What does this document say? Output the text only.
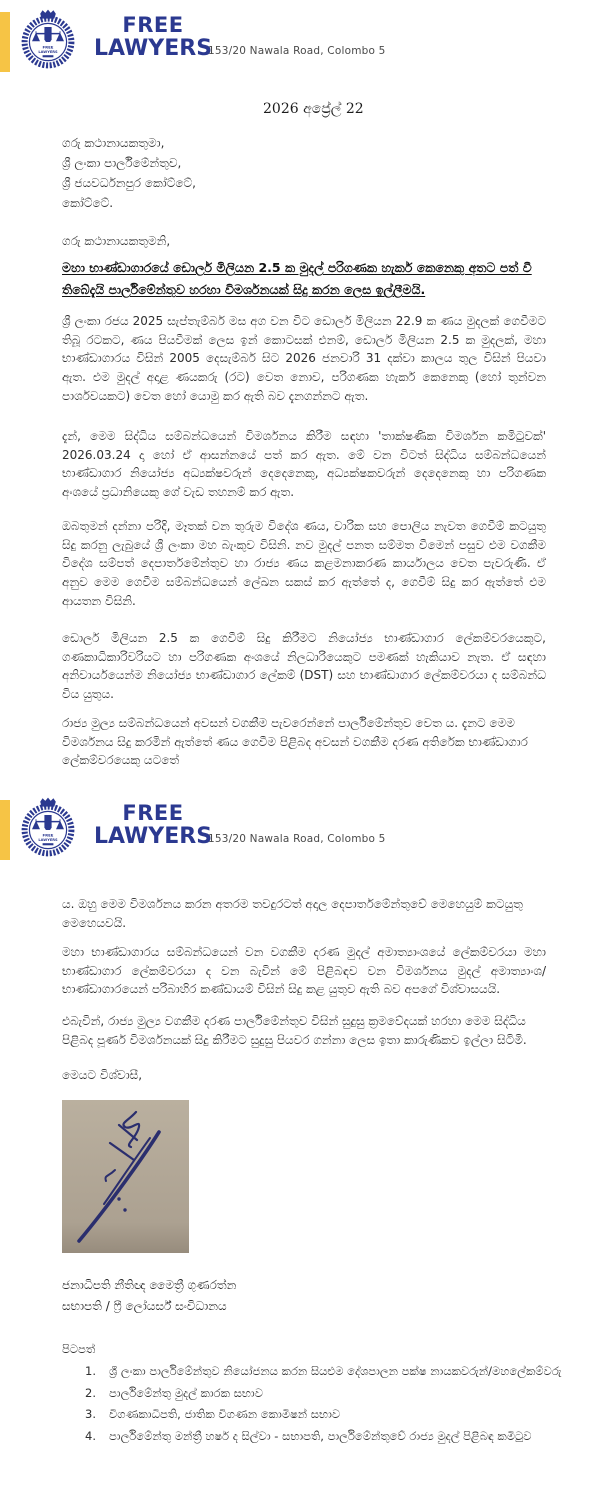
FREE
LAWYERS
FREE
LAWYERS
153/20 Nawala Road, Colombo 5
2026 අප්‍රේල් 22
ගරු කථානායකතුමා,
ශ්‍රී ලංකා පාර්ලිමේන්තුව,
ශ්‍රී ජයවර්ධනපුර කෝට්ටේ,
කෝට්ටේ.
ගරු කථානායකතුමනි,
මහා භාණ්ඩාගාරයේ ඩොලර් මිලියන 2.5 ක මුදල් පරිගණක හැකර් කෙනෙකු අතට පත් වී තිබේදැයි පාර්ලිමේන්තුව හරහා විමර්ශනයක් සිදු කරන ලෙස ඉල්ලීමයි.

ශ්‍රී ලංකා රජය 2025 සැප්තැම්බර් මස අග වන විට ඩොලර් මිලියන 22.9 ක ණය මුදලක් ගෙවීමට තිබූ රටකට, ණය පියවීමක් ලෙස ඉන් කොටසක් එනම්, ඩොලර් මිලියන 2.5 ක මුදලක්, මහා භාණ්ඩාගාරය විසින් 2005 දෙසැම්බර් සිට 2026 ජනවාරි 31 දක්වා කාලය තුල විසින් පියවා ඇත. එම මුදල් අදාළ ණයකරු (රට) වෙත නොව, පරිගණක හැකර් කෙනෙකු (හෝ තුන්වන පාර්ශවයකට) වෙත හෝ යොමු කර ඇති බව දැනගන්නට ඇත.

දැන්, මෙම සිද්ධිය සම්බන්ධයෙන් විමර්ශනය කිරීම සඳහා 'තාක්ෂණික විමර්ශන කමිටුවක්' 2026.03.24 දා හෝ ඒ ආසන්නයේ පත් කර ඇත. මේ වන විටත් සිද්ධිය සම්බන්ධයෙන් භාණ්ඩාගාර නියෝජ්‍ය අධ්‍යක්ෂවරුන් දෙදෙනෙකු, අධ්‍යක්ෂකවරුන් දෙදෙනෙකු හා පරිගණක අංශයේ ප්‍රධානියෙකු ගේ වැඩ තහනම් කර ඇත.

ඔබතුමන් දන්නා පරිදි, මෑතක් වන තුරුම විදේශ ණය, වාරික සහ පොලිය නැවත ගෙවීම් කටයුතු සිදු කරනු ලැබුයේ ශ්‍රී ලංකා මහ බැංකුව විසිනි. නව මුදල් පනත සම්මත වීමෙන් පසුව එම වගකීම විදේශ සම්පත් දෙපාර්තමේන්තුව හා රාජ්‍ය ණය කළමනාකරණ කාර්යාලය වෙත පැවරුණි. ඒ අනුව මෙම ගෙවීම සම්බන්ධයෙන් ලේඛන සකස් කර ඇත්තේ ද, ගෙවීම් සිදු කර ඇත්තේ එම ආයතන විසිනි.

ඩොලර් මිලියන 2.5 ක ගෙවීම් සිදු කිරීමට නියෝජ්‍ය භාණ්ඩාගාර ලේකම්වරයෙකුට, ගණකාධිකාරිවරියට හා පරිගණක අංශයේ නිලධාරියෙකුට පමණක් හැකියාව නැත. ඒ සඳහා අනිවාර්යයෙන්ම නියෝජ්‍ය භාණ්ඩාගාර ලේකම් (DST) සහ භාණ්ඩාගාර ලේකම්වරයා ද සම්බන්ධ විය යුතුය.

රාජ්‍ය මුල්‍ය සම්බන්ධයෙන් අවසන් වගකීම පැවරෙන්නේ පාර්ලිමේන්තුව වෙත ය. දැනට මෙම විමර්ශනය සිදු කරමින් ඇත්තේ ණය ගෙවීම පිළිබද අවසන් වගකීම දරණ අතිරේක භාණ්ඩාගාර ලේකම්වරයෙකු යටතේ

FREE
LAWYERS
FREE
LAWYERS
153/20 Nawala Road, Colombo 5

ය. ඔහු මෙම විමර්ශනය කරන අතරම තවදුරටත් අදාල දෙපාර්තමේන්තුවේ මෙහෙයුම් කටයුතු මෙහෙයවයි.

මහා භාණ්ඩාගාරය සම්බන්ධයෙන් වන වගකීම දරණ මුදල් අමාත්‍යාංශයේ ලේකම්වරයා මහා භාණ්ඩාගාර ලේකම්වරයා ද වන බැවින් මේ පිළිබඳව වන විමර්ශනය මුදල් අමාත්‍යාංශ/භාණ්ඩාගාරයෙන් පරිබාහිර කණ්ඩායම් විසින් සිදු කළ යුතුව ඇති බව අපගේ විශ්වාසයයි.

එබැවින්, රාජ්‍ය මුල්‍ය වගකීම දරණ පාර්ලිමේන්තුව විසින් සුදුසු ක්‍රමවේදයක් හරහා මෙම සිද්ධිය පිළිබද පූර්ණ විමර්ශනයක් සිදු කිරීමට සුදුසු පියවර ගන්නා ලෙස ඉතා කාරුණිකව ඉල්ලා සිටිමි.

මෙයට විශ්වාසී,
ජනාධිපති නීතිඥ මෛත්‍රී ගුණරත්න
සභාපති / ෆ්‍රී ලෝයර්ස් සංවිධානය
පිටපත්
1.	ශ්‍රී ලංකා පාර්ලිමේන්තුව නියෝජනය කරන සියළුම දේශපාලන පක්ෂ නායකවරුන්/මහලේකම්වරු
2.	පාර්ලිමේන්තු මුදල් කාරක සභාව
3.	විගණකාධිපති, ජාතික විගණන කොමිෂන් සභාව
4.	පාර්ලිමේන්තු මන්ත්‍රී හර්ෂ ද සිල්වා - සභාපති, පාර්ලිමේන්තුවේ රාජ්‍ය මුදල් පිළිබඳ කමිටුව
